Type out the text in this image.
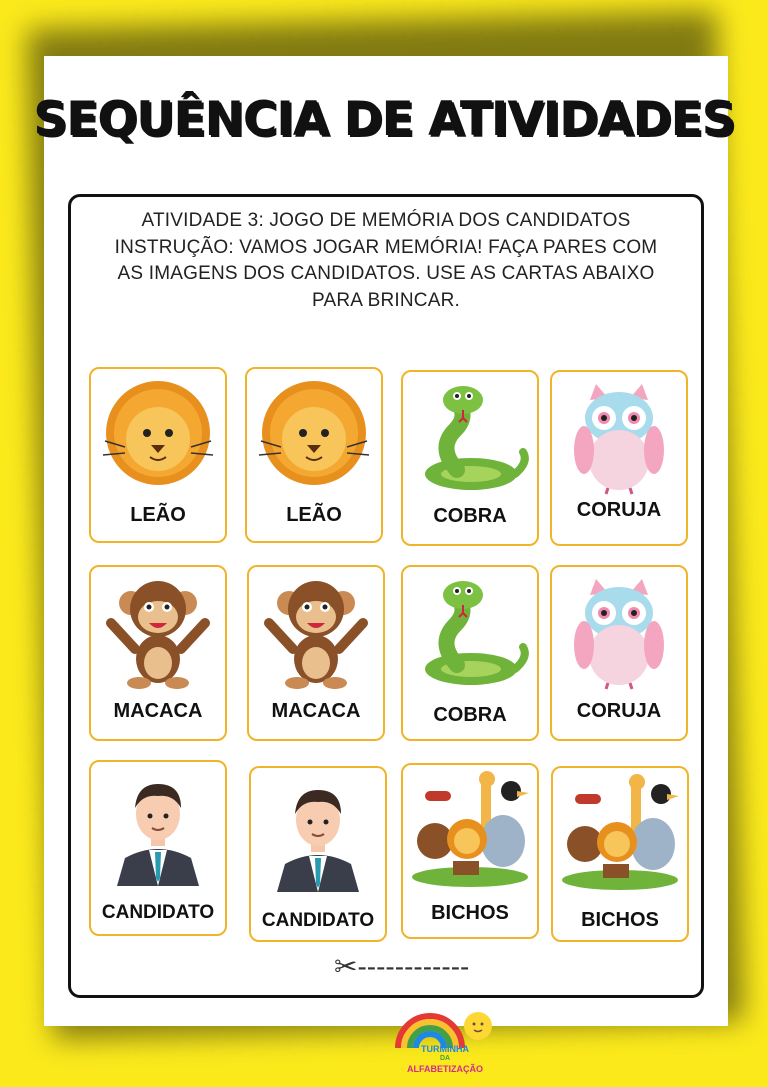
SEQUÊNCIA DE ATIVIDADES
ATIVIDADE 3: JOGO DE MEMÓRIA DOS CANDIDATOS
INSTRUÇÃO: VAMOS JOGAR MEMÓRIA! FAÇA PARES COM
AS IMAGENS DOS CANDIDATOS. USE AS CARTAS ABAIXO
PARA BRINCAR.
LEÃO	LEÃO	COBRA	CORUJA
MACACA	MACACA	COBRA	CORUJA
CANDIDATO	CANDIDATO	BICHOS	BICHOS
✂------------
TURMINHA
DA
ALFABETIZAÇÃO
